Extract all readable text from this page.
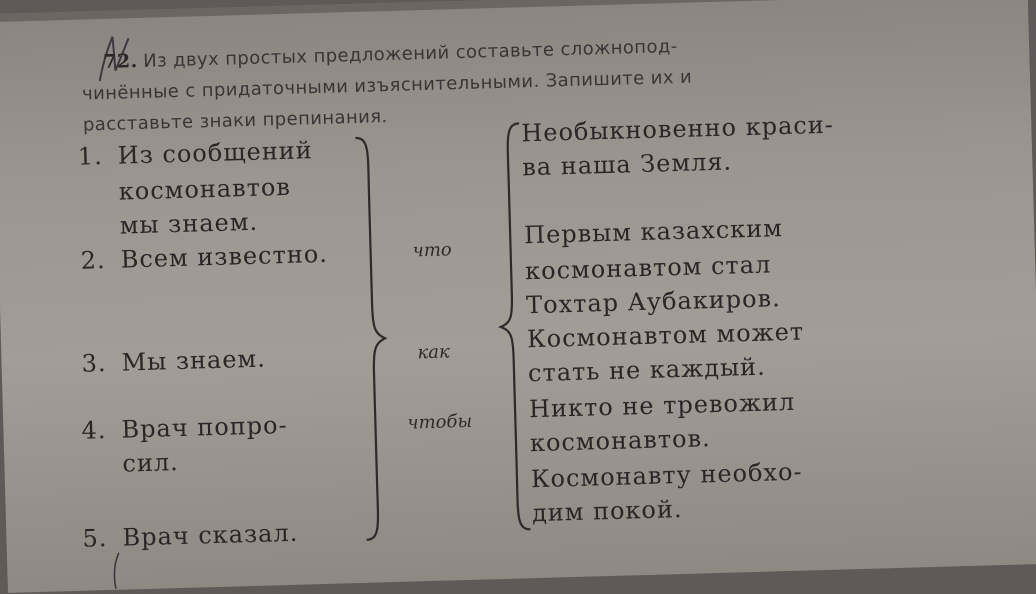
72. Из двух простых предложений составьте сложнопод-
чинённые с придаточными изъяснительными. Запишите их и
расставьте знаки препинания.
1. Из сообщений
космонавтов
мы знаем.
2. Всем известно.
3. Мы знаем.
4. Врач попро-
сил.
5. Врач сказал.
что
как
чтобы
Необыкновенно краси-
ва наша Земля.
Первым казахским
космонавтом стал
Тохтар Аубакиров.
Космонавтом может
стать не каждый.
Никто не тревожил
космонавтов.
Космонавту необхо-
дим покой.
